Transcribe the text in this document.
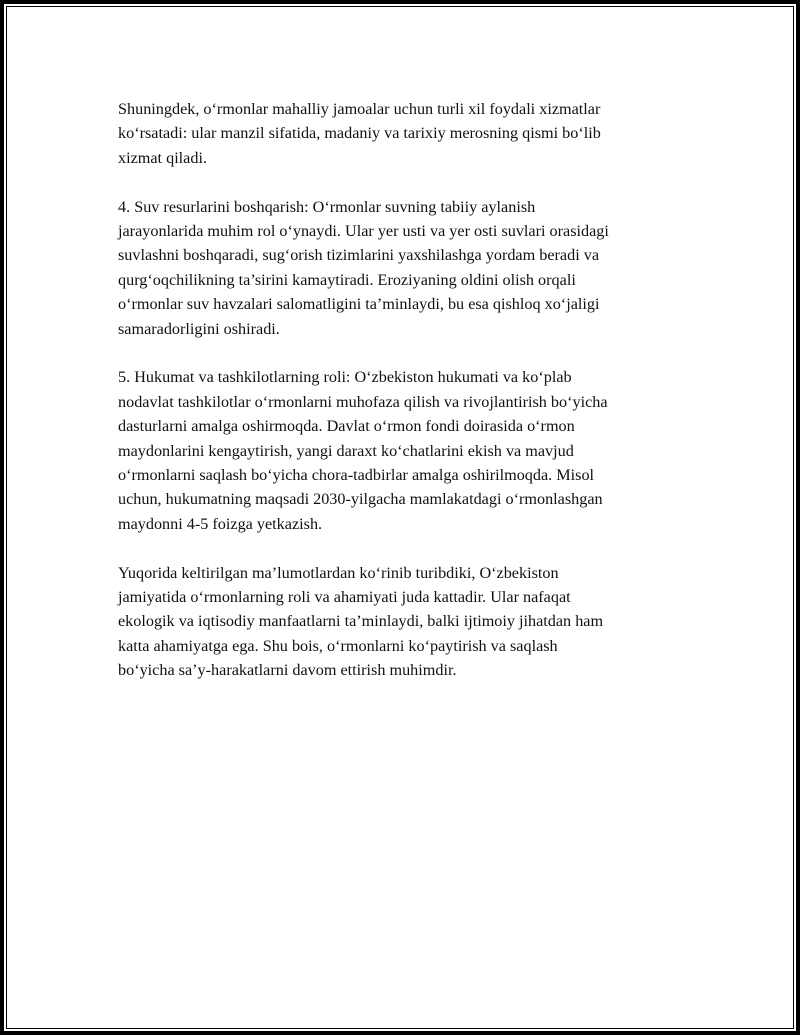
Shuningdek, o‘rmonlar mahalliy jamoalar uchun turli xil foydali xizmatlar
ko‘rsatadi: ular manzil sifatida, madaniy va tarixiy merosning qismi bo‘lib
xizmat qiladi.

4. Suv resurlarini boshqarish: O‘rmonlar suvning tabiiy aylanish
jarayonlarida muhim rol o‘ynaydi. Ular yer usti va yer osti suvlari orasidagi
suvlashni boshqaradi, sug‘orish tizimlarini yaxshilashga yordam beradi va
qurg‘oqchilikning ta’sirini kamaytiradi. Eroziyaning oldini olish orqali
o‘rmonlar suv havzalari salomatligini ta’minlaydi, bu esa qishloq xo‘jaligi
samaradorligini oshiradi.

5. Hukumat va tashkilotlarning roli: O‘zbekiston hukumati va ko‘plab
nodavlat tashkilotlar o‘rmonlarni muhofaza qilish va rivojlantirish bo‘yicha
dasturlarni amalga oshirmoqda. Davlat o‘rmon fondi doirasida o‘rmon
maydonlarini kengaytirish, yangi daraxt ko‘chatlarini ekish va mavjud
o‘rmonlarni saqlash bo‘yicha chora-tadbirlar amalga oshirilmoqda. Misol
uchun, hukumatning maqsadi 2030-yilgacha mamlakatdagi o‘rmonlashgan
maydonni 4-5 foizga yetkazish.

Yuqorida keltirilgan ma’lumotlardan ko‘rinib turibdiki, O‘zbekiston
jamiyatida o‘rmonlarning roli va ahamiyati juda kattadir. Ular nafaqat
ekologik va iqtisodiy manfaatlarni ta’minlaydi, balki ijtimoiy jihatdan ham
katta ahamiyatga ega. Shu bois, o‘rmonlarni ko‘paytirish va saqlash
bo‘yicha sa’y-harakatlarni davom ettirish muhimdir.
